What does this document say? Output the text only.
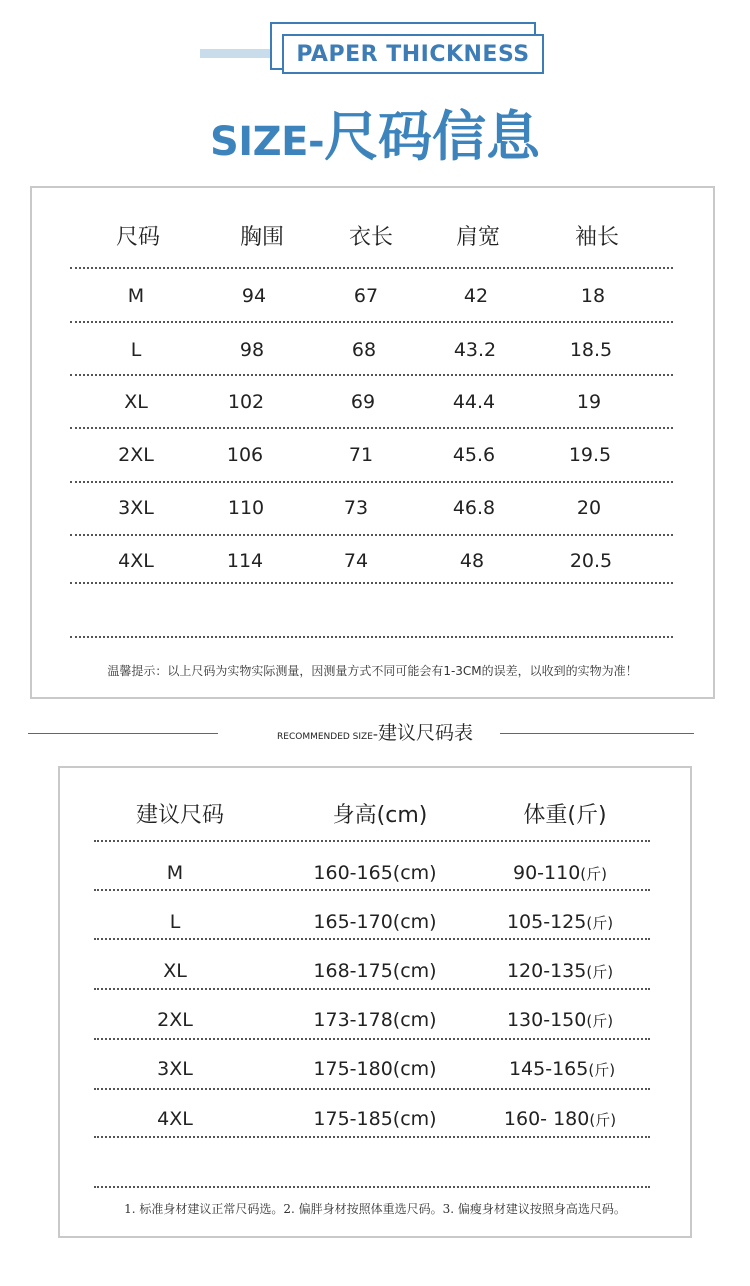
PAPER THICKNESS
SIZE-尺码信息
尺码	胸围	衣长	肩宽	袖长
M	94	67	42	18
L	98	68	43.2	18.5
XL	102	69	44.4	19
2XL	106	71	45.6	19.5
3XL	110	73	46.8	20
4XL	114	74	48	20.5
温馨提示：以上尺码为实物实际测量，因测量方式不同可能会有1-3CM的误差，以收到的实物为准！
RECOMMENDED SIZE-建议尺码表
建议尺码	身高(cm)	体重(斤)
M	160-165(cm)	90-110(斤)
L	165-170(cm)	105-125(斤)
XL	168-175(cm)	120-135(斤)
2XL	173-178(cm)	130-150(斤)
3XL	175-180(cm)	145-165(斤)
4XL	175-185(cm)	160- 180(斤)
1. 标准身材建议正常尺码选。2. 偏胖身材按照体重选尺码。3. 偏瘦身材建议按照身高选尺码。
